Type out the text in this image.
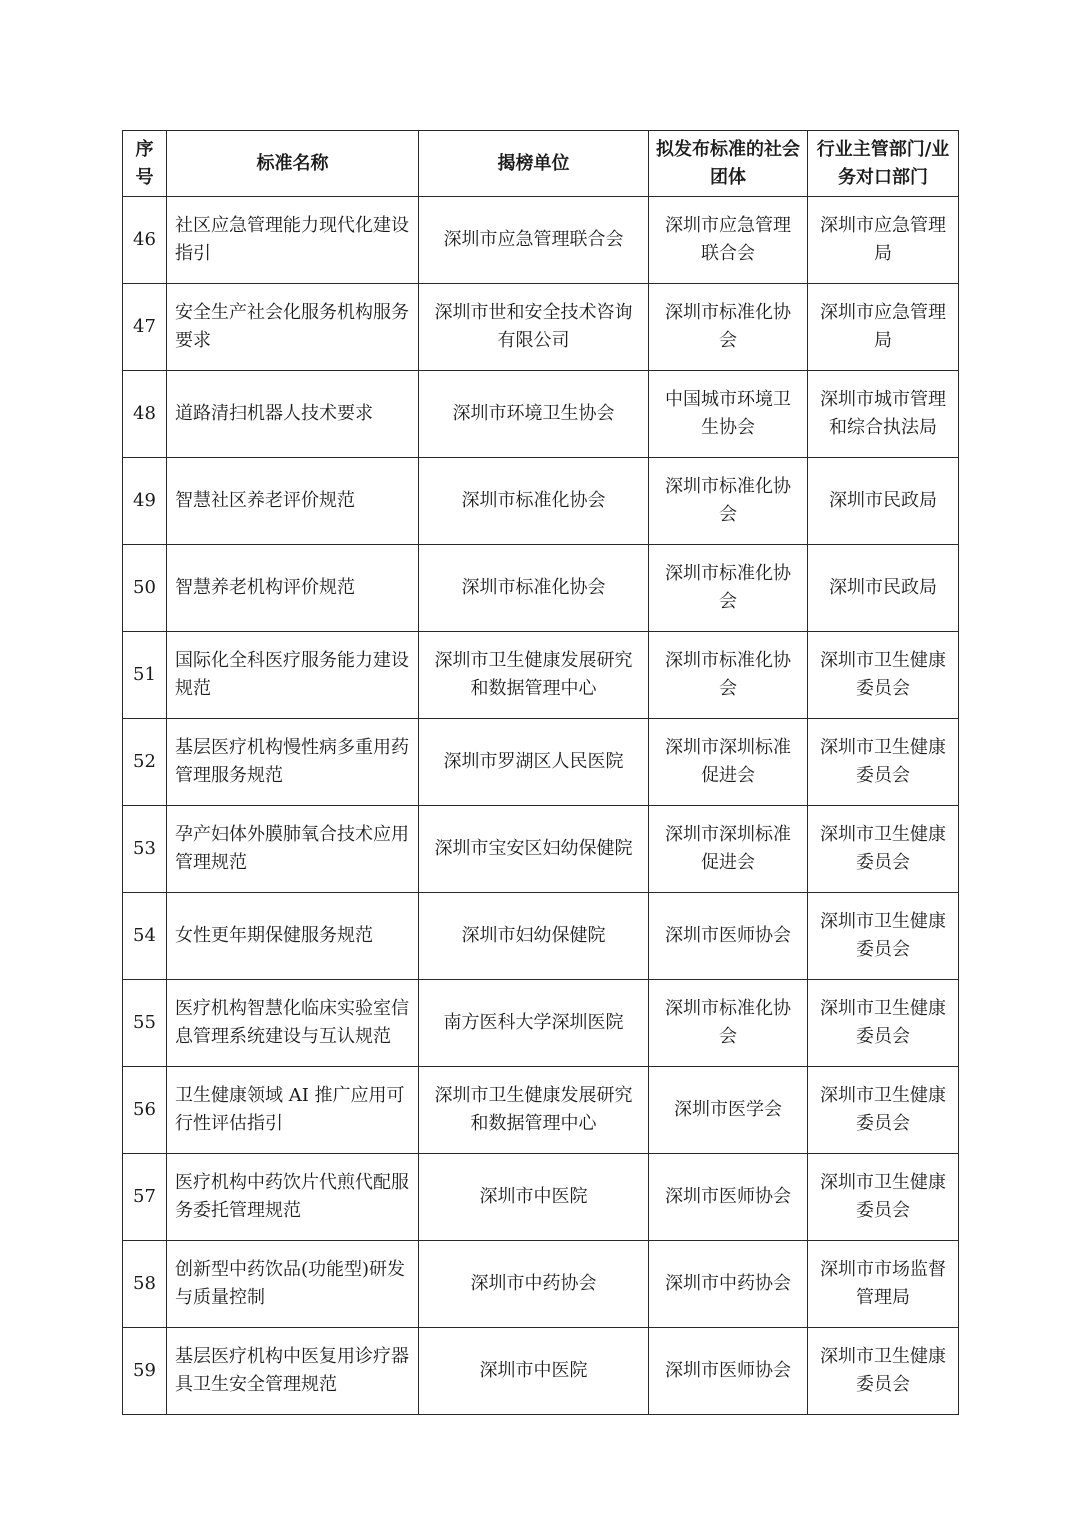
序号	标准名称	揭榜单位	拟发布标准的社会团体	行业主管部门/业务对口部门
46	社区应急管理能力现代化建设指引	深圳市应急管理联合会	深圳市应急管理联合会	深圳市应急管理局
47	安全生产社会化服务机构服务要求	深圳市世和安全技术咨询有限公司	深圳市标准化协会	深圳市应急管理局
48	道路清扫机器人技术要求	深圳市环境卫生协会	中国城市环境卫生协会	深圳市城市管理和综合执法局
49	智慧社区养老评价规范	深圳市标准化协会	深圳市标准化协会	深圳市民政局
50	智慧养老机构评价规范	深圳市标准化协会	深圳市标准化协会	深圳市民政局
51	国际化全科医疗服务能力建设规范	深圳市卫生健康发展研究和数据管理中心	深圳市标准化协会	深圳市卫生健康委员会
52	基层医疗机构慢性病多重用药管理服务规范	深圳市罗湖区人民医院	深圳市深圳标准促进会	深圳市卫生健康委员会
53	孕产妇体外膜肺氧合技术应用管理规范	深圳市宝安区妇幼保健院	深圳市深圳标准促进会	深圳市卫生健康委员会
54	女性更年期保健服务规范	深圳市妇幼保健院	深圳市医师协会	深圳市卫生健康委员会
55	医疗机构智慧化临床实验室信息管理系统建设与互认规范	南方医科大学深圳医院	深圳市标准化协会	深圳市卫生健康委员会
56	卫生健康领域 AI 推广应用可行性评估指引	深圳市卫生健康发展研究和数据管理中心	深圳市医学会	深圳市卫生健康委员会
57	医疗机构中药饮片代煎代配服务委托管理规范	深圳市中医院	深圳市医师协会	深圳市卫生健康委员会
58	创新型中药饮品(功能型)研发与质量控制	深圳市中药协会	深圳市中药协会	深圳市市场监督管理局
59	基层医疗机构中医复用诊疗器具卫生安全管理规范	深圳市中医院	深圳市医师协会	深圳市卫生健康委员会
